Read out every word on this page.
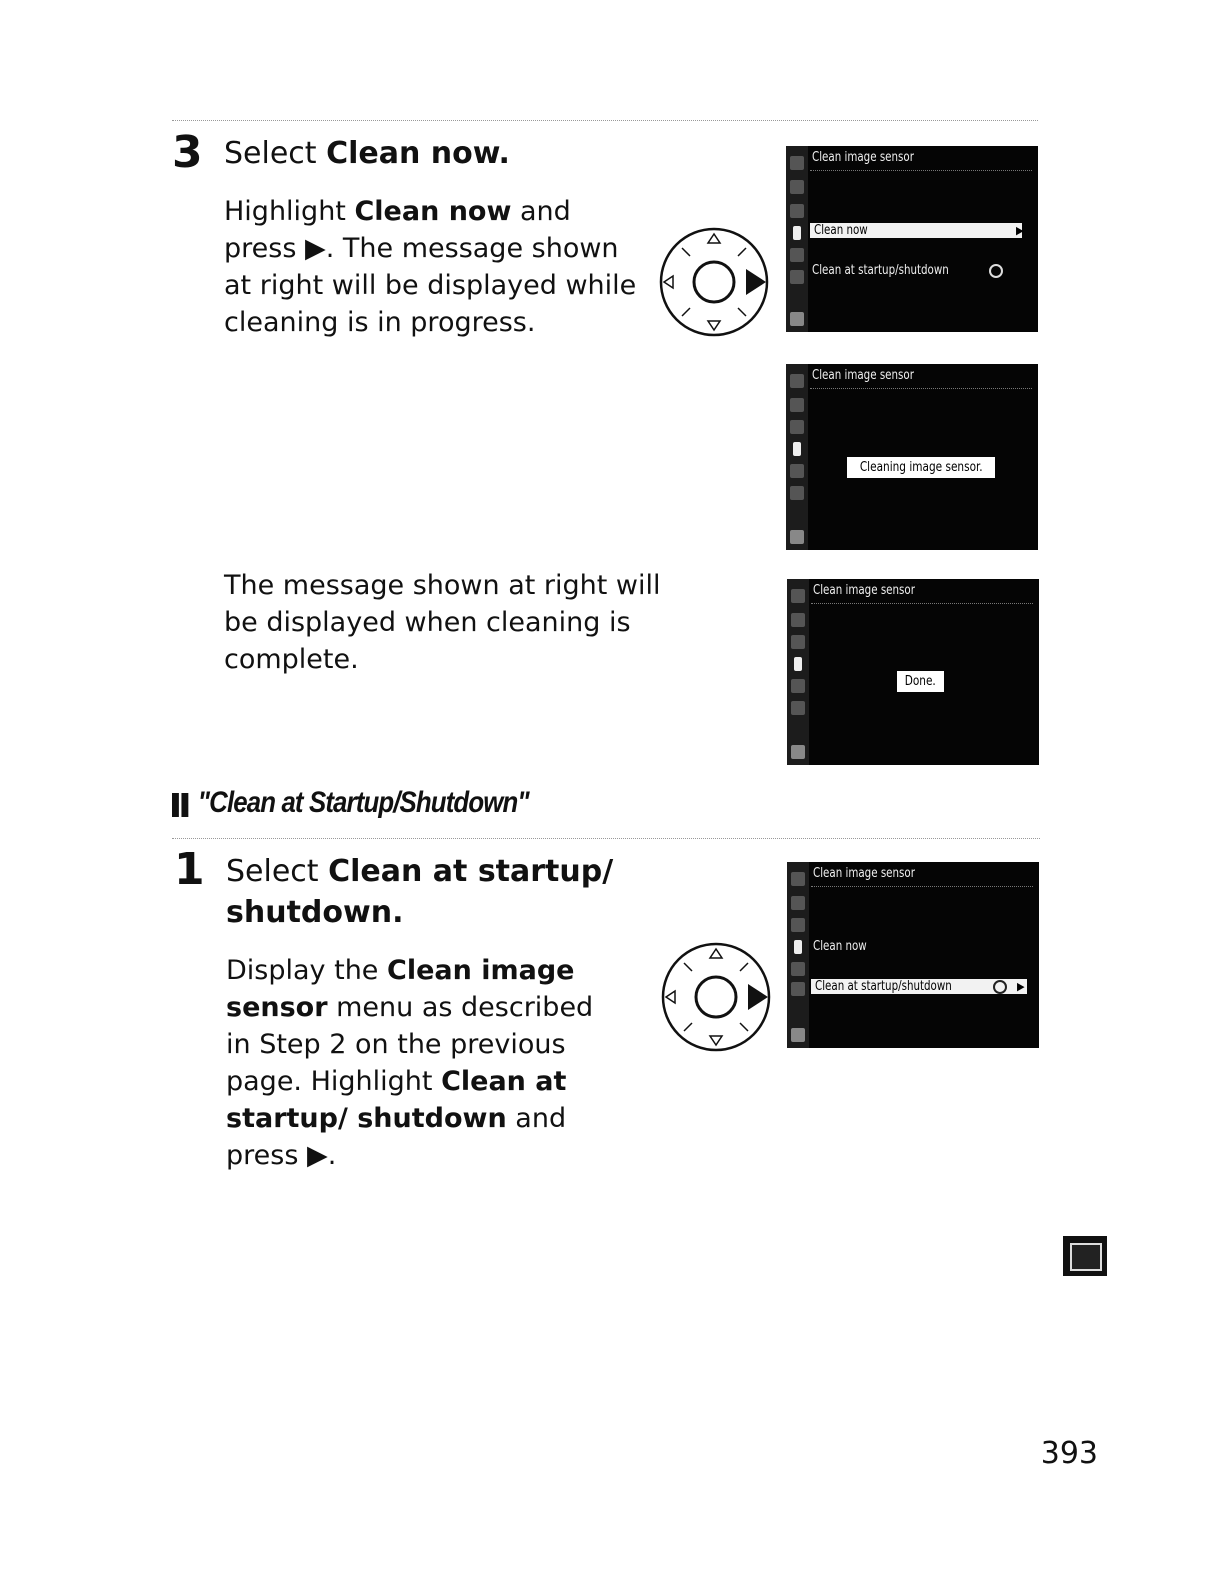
3 Select Clean now.
Highlight Clean now and press ▶. The message shown at right will be displayed while cleaning is in progress.
Clean image sensor
Clean now	▶
Clean at startup/shutdown
Clean image sensor
Cleaning image sensor.
The message shown at right will be displayed when cleaning is complete.
Clean image sensor
Done.
"Clean at Startup/Shutdown"
1 Select Clean at startup/ shutdown.
Display the Clean image sensor menu as described in Step 2 on the previous page. Highlight Clean at startup/ shutdown and press ▶.
Clean image sensor
Clean now
Clean at startup/shutdown	▶
393
